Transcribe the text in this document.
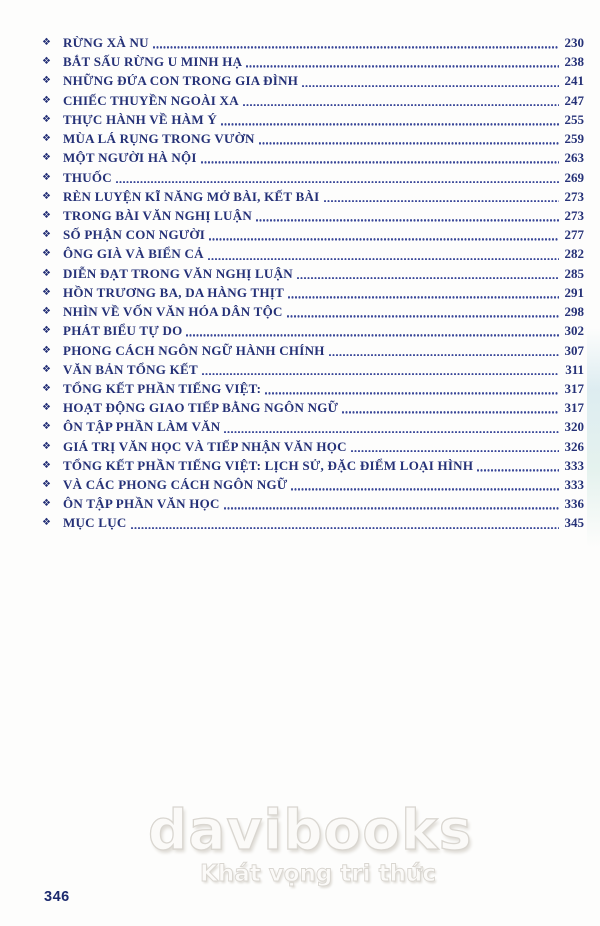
❖ RỪNG XÀ NU	230
❖ BẮT SẤU RỪNG U MINH HẠ	238
❖ NHỮNG ĐỨA CON TRONG GIA ĐÌNH	241
❖ CHIẾC THUYỀN NGOÀI XA	247
❖ THỰC HÀNH VỀ HÀM Ý	255
❖ MÙA LÁ RỤNG TRONG VƯỜN	259
❖ MỘT NGƯỜI HÀ NỘI	263
❖ THUỐC	269
❖ RÈN LUYỆN KĨ NĂNG MỞ BÀI, KẾT BÀI	273
❖ TRONG BÀI VĂN NGHỊ LUẬN	273
❖ SỐ PHẬN CON NGƯỜI	277
❖ ÔNG GIÀ VÀ BIỂN CẢ	282
❖ DIỄN ĐẠT TRONG VĂN NGHỊ LUẬN	285
❖ HỒN TRƯƠNG BA, DA HÀNG THỊT	291
❖ NHÌN VỀ VỐN VĂN HÓA DÂN TỘC	298
❖ PHÁT BIỂU TỰ DO	302
❖ PHONG CÁCH NGÔN NGỮ HÀNH CHÍNH	307
❖ VĂN BẢN TỔNG KẾT	311
❖ TỔNG KẾT PHẦN TIẾNG VIỆT:	317
❖ HOẠT ĐỘNG GIAO TIẾP BẰNG NGÔN NGỮ	317
❖ ÔN TẬP PHẦN LÀM VĂN	320
❖ GIÁ TRỊ VĂN HỌC VÀ TIẾP NHẬN VĂN HỌC	326
❖ TỔNG KẾT PHẦN TIẾNG VIỆT: LỊCH SỬ, ĐẶC ĐIỂM LOẠI HÌNH	333
❖ VÀ CÁC PHONG CÁCH NGÔN NGỮ	333
❖ ÔN TẬP PHẦN VĂN HỌC	336
❖ MỤC LỤC	345
davibooks
Khát vọng tri thức
346
